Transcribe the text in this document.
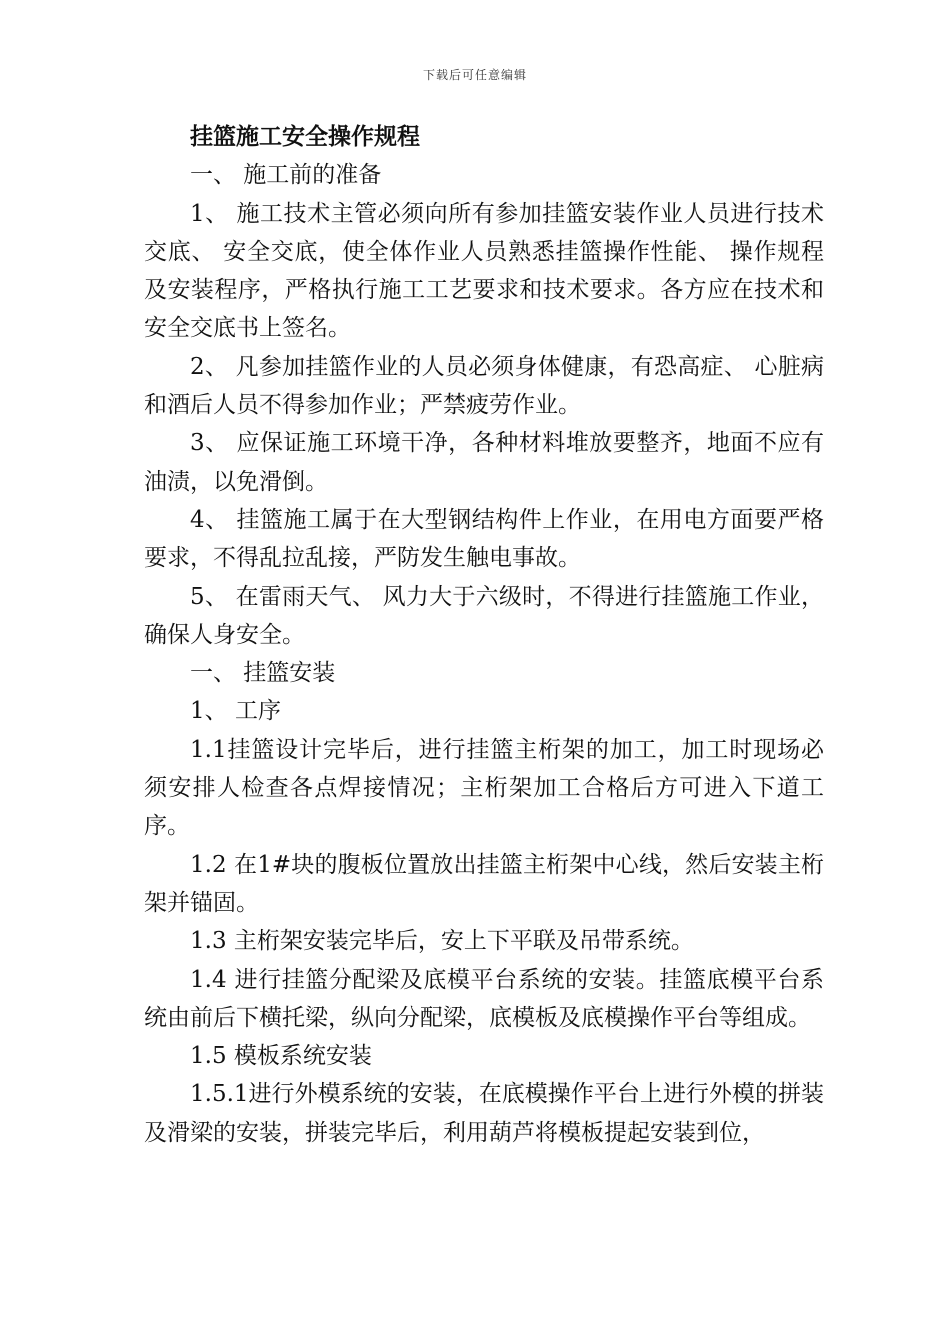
下载后可任意编辑
挂篮施工安全操作规程

一、 施工前的准备

1、 施工技术主管必须向所有参加挂篮安装作业人员进行技术交底、 安全交底，使全体作业人员熟悉挂篮操作性能、 操作规程及安装程序，严格执行施工工艺要求和技术要求。各方应在技术和安全交底书上签名。

2、 凡参加挂篮作业的人员必须身体健康，有恐高症、 心脏病和酒后人员不得参加作业；严禁疲劳作业。

3、 应保证施工环境干净，各种材料堆放要整齐，地面不应有油渍，以免滑倒。

4、 挂篮施工属于在大型钢结构件上作业，在用电方面要严格要求，不得乱拉乱接，严防发生触电事故。

5、 在雷雨天气、 风力大于六级时，不得进行挂篮施工作业， 确保人身安全。

一、 挂篮安装

1、 工序

1.1挂篮设计完毕后，进行挂篮主桁架的加工，加工时现场必须安排人检查各点焊接情况；主桁架加工合格后方可进入下道工序。

1.2 在1#块的腹板位置放出挂篮主桁架中心线，然后安装主桁架并锚固。

1.3 主桁架安装完毕后，安上下平联及吊带系统。

1.4 进行挂篮分配梁及底模平台系统的安装。挂篮底模平台系统由前后下横托梁，纵向分配梁，底模板及底模操作平台等组成。

1.5 模板系统安装

1.5.1进行外模系统的安装，在底模操作平台上进行外模的拼装及滑梁的安装，拼装完毕后，利用葫芦将模板提起安装到位，
